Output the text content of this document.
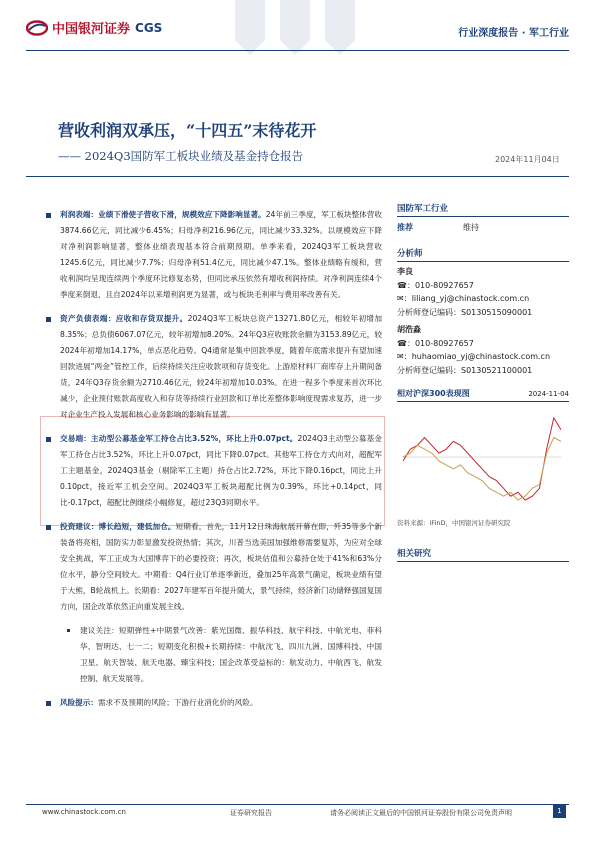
中国银河证券 CGS	行业深度报告 · 军工行业
营收利润双承压，“十四五”末待花开
—— 2024Q3国防军工板块业绩及基金持仓报告	2024年11月04日

利润表端：业绩下滑使子营收下滑，规模效应下降影响显著。24年前三季度，军工板块整体营收3874.66亿元，同比减少6.45%；归母净利216.96亿元，同比减少33.32%。以规模效应下降对净利润影响显著，整体业绩表现基本符合前期预期。单季来看，2024Q3军工板块营收1245.6亿元，同比减少7.7%；归母净利51.4亿元，同比减少47.1%。整体业绩略有缓和，营收利润均呈现连续两个季度环比修复态势，但同比承压依然有增收利润持续。对净利润连续4个季度来倒退，且自2024年以来增利润更为显著，或与板块毛利率与费用率改善有关。

资产负债表端：应收和存货双提升。2024Q3军工板块总资产13271.80亿元，相较年初增加8.35%；总负债6067.07亿元，较年初增加8.20%。24年Q3应收账款余额为3153.89亿元，较2024年初增加14.17%，单点恶化趋势。Q4通常是集中回款季度，随着年底需求提升有望加速回款进展“两金”管控工作，后续持续关注应收款项和存货变化。上游原材料厂商库存上升期间备货，24年Q3存货余额为2710.46亿元，较24年初增加10.03%。在进一程多个季度来首次环比减少，企业预付账款高度收入和存货等持续行业回款和订单比差整体影响度现需求复苏，进一步对企业生产投入发展和核心业务影响的影响有显著。

交易端：主动型公募基金军工持仓占比3.52%，环比上升0.07pct。2024Q3主动型公募基金军工持仓占比3.52%，环比上升0.07pct，同比下降0.07pct。其他军工持仓方式向对，超配军工主题基金，2024Q3基金（剔除军工主题）持仓占比2.72%，环比下降0.16pct，同比上升0.10pct，接近军工机会空间。2024Q3军工板块超配比例为0.39%，环比+0.14pct，同比-0.17pct，超配比例继续小幅修复，超过23Q3同期水平。

投资建议：博长趋短，建低加仓。短期看，首先，11月12日珠海航展开幕在即，歼35等多个新装备将亮相，国防实力彰显激发投资热情；其次，川普当选美国加强维修需要复苏，为应对全球安全挑战，军工正成为大国博弈下的必要投资；再次，板块估值和公募持仓处于41%和63%分位水平，静分空间较大。中期看：Q4行业订单逐季新近，叠加25年高景气确定，板块业绩有望于大熊，B轮战机上。长期看：2027年建军百年提升随大，景气持续，经济新门动储释强国复国方向，国企改革依然正向重发展主线。

建议关注：短期弹性+中期景气改善：紫光国微、振华科技、航宇科技、中航光电、菲科华、智明达、七一二；短期变化积极+长期持续：中航沈飞、四川九洲、国博科技、中国卫星、航天智装、航天电器、臻宝科技；国企改革受益标的：航发动力、中航西飞、航发控制、航天发展等。

风险提示：需求不及预期的风险；下游行业消化价的风险。

国防军工行业
推荐	维持
分析师
李良
☎：010-80927657
✉：liliang_yj@chinastock.com.cn
分析师登记编码：S0130515090001
胡浩淼
☎：010-80927657
✉：huhaomiao_yj@chinastock.com.cn
分析师登记编码：S0130521100001
相对沪深300表现图	2024-11-04
资料来源：iFinD，中国银河证券研究院
相关研究
www.chinastock.com.cn	证券研究报告	请务必阅读正文最后的中国银河证券股份有限公司免责声明	1
